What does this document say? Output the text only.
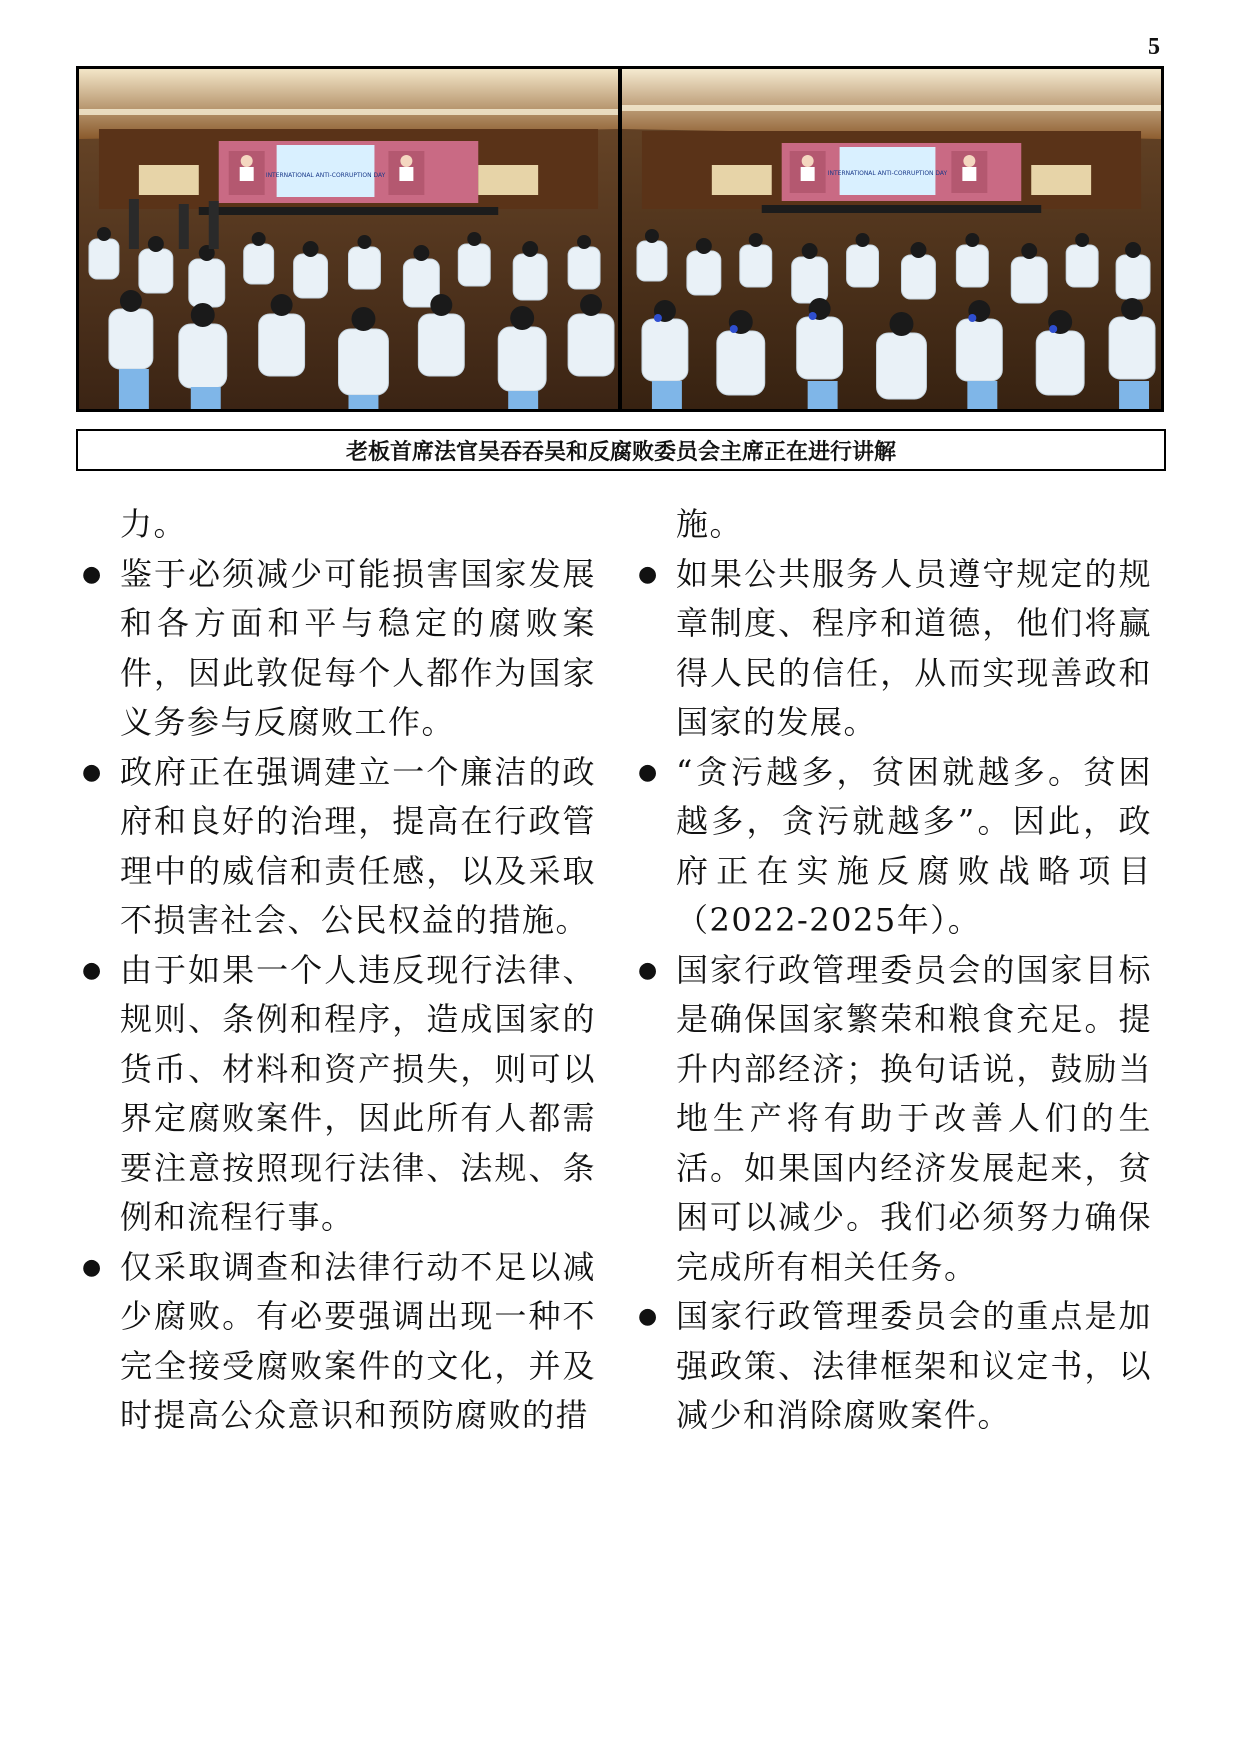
5
INTERNATIONAL ANTI-CORRUPTION DAY	INTERNATIONAL ANTI-CORRUPTION DAY
老板首席法官吴吞吞吴和反腐败委员会主席正在进行讲解

力。

● 鉴于必须减少可能损害国家发展和各方面和平与稳定的腐败案件，因此敦促每个人都作为国家义务参与反腐败工作。
● 政府正在强调建立一个廉洁的政府和良好的治理，提高在行政管理中的威信和责任感，以及采取不损害社会、公民权益的措施。
● 由于如果一个人违反现行法律、规则、条例和程序，造成国家的货币、材料和资产损失，则可以界定腐败案件，因此所有人都需要注意按照现行法律、法规、条例和流程行事。
● 仅采取调查和法律行动不足以减少腐败。有必要强调出现一种不完全接受腐败案件的文化，并及时提高公众意识和预防腐败的措

施。

● 如果公共服务人员遵守规定的规章制度、程序和道德，他们将赢得人民的信任，从而实现善政和国家的发展。
● “贪污越多，贫困就越多。贫困越多，贪污就越多”。因此，政府正在实施反腐败战略项目（2022-2025年）。
● 国家行政管理委员会的国家目标是确保国家繁荣和粮食充足。提升内部经济；换句话说，鼓励当地生产将有助于改善人们的生活。如果国内经济发展起来，贫困可以减少。我们必须努力确保完成所有相关任务。
● 国家行政管理委员会的重点是加强政策、法律框架和议定书，以减少和消除腐败案件。
